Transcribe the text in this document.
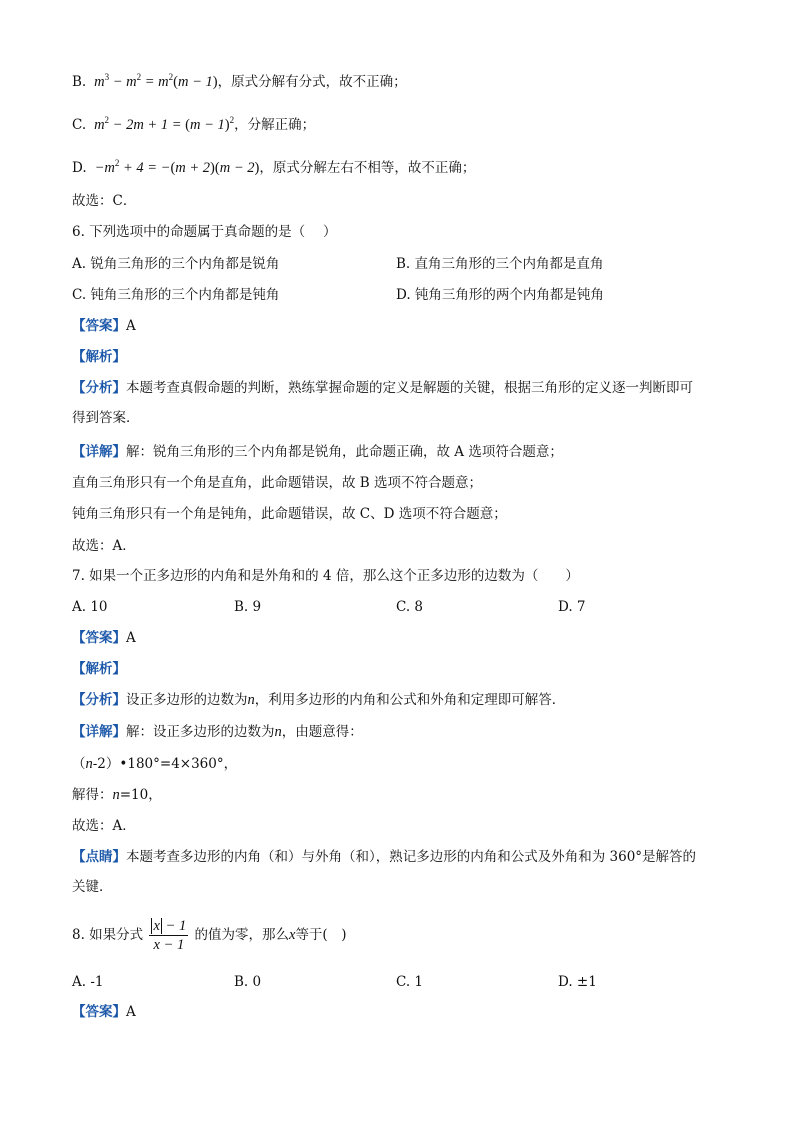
B.  $m^3 - m^2 = m^2(m - 1)$，原式分解有分式，故不正确；
C.  $m^2 - 2m + 1 = (m - 1)^2$，分解正确；
D.  $-m^2 + 4 = -(m + 2)(m - 2)$，原式分解左右不相等，故不正确；
故选：C．
6. 下列选项中的命题属于真命题的是（　 ）
A. 锐角三角形的三个内角都是锐角	B. 直角三角形的三个内角都是直角
C. 钝角三角形的三个内角都是钝角	D. 钝角三角形的两个内角都是钝角
【答案】A
【解析】
【分析】本题考查真假命题的判断，熟练掌握命题的定义是解题的关键，根据三角形的定义逐一判断即可
得到答案．
【详解】解：锐角三角形的三个内角都是锐角，此命题正确，故 A 选项符合题意；
直角三角形只有一个角是直角，此命题错误，故 B 选项不符合题意；
钝角三角形只有一个角是钝角，此命题错误，故 C、D 选项不符合题意；
故选：A．
7. 如果一个正多边形的内角和是外角和的 4 倍，那么这个正多边形的边数为（　　）
A. 10	B. 9	C. 8	D. 7
【答案】A
【解析】
【分析】设正多边形的边数为n，利用多边形的内角和公式和外角和定理即可解答．
【详解】解：设正多边形的边数为n，由题意得：
（n-2）•180°=4×360°，
解得：n=10，
故选：A．
【点睛】本题考查多边形的内角（和）与外角（和），熟记多边形的内角和公式及外角和为 360°是解答的
关键．
8. 如果分式 $\frac{x - 1}{x - 1}$ 的值为零，那么x等于(　)
A. -1	B. 0	C. 1	D. ±1
【答案】A
